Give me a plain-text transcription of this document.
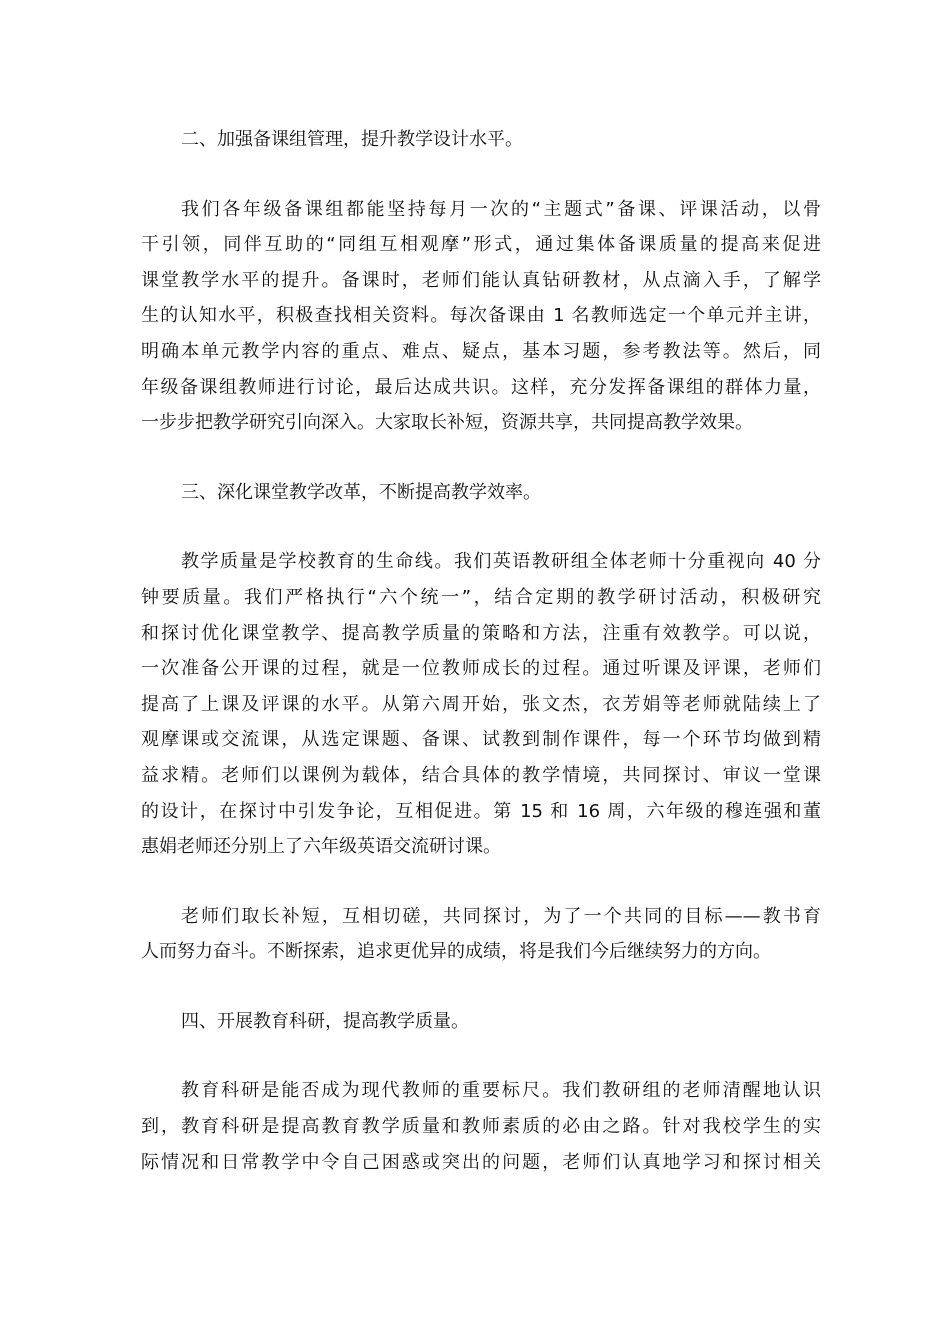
二、加强备课组管理，提升教学设计水平。
我们各年级备课组都能坚持每月一次的“主题式”备课、评课活动，以骨
干引领，同伴互助的“同组互相观摩”形式，通过集体备课质量的提高来促进
课堂教学水平的提升。备课时，老师们能认真钻研教材，从点滴入手，了解学
生的认知水平，积极查找相关资料。每次备课由 1 名教师选定一个单元并主讲，
明确本单元教学内容的重点、难点、疑点，基本习题，参考教法等。然后，同
年级备课组教师进行讨论，最后达成共识。这样，充分发挥备课组的群体力量，
一步步把教学研究引向深入。大家取长补短，资源共享，共同提高教学效果。
三、深化课堂教学改革，不断提高教学效率。
教学质量是学校教育的生命线。我们英语教研组全体老师十分重视向 40 分
钟要质量。我们严格执行“六个统一”，结合定期的教学研讨活动，积极研究
和探讨优化课堂教学、提高教学质量的策略和方法，注重有效教学。可以说，
一次准备公开课的过程，就是一位教师成长的过程。通过听课及评课，老师们
提高了上课及评课的水平。从第六周开始，张文杰，衣芳娟等老师就陆续上了
观摩课或交流课，从选定课题、备课、试教到制作课件，每一个环节均做到精
益求精。老师们以课例为载体，结合具体的教学情境，共同探讨、审议一堂课
的设计，在探讨中引发争论，互相促进。第 15 和 16 周，六年级的穆连强和董
惠娟老师还分别上了六年级英语交流研讨课。
老师们取长补短，互相切磋，共同探讨，为了一个共同的目标——教书育
人而努力奋斗。不断探索，追求更优异的成绩，将是我们今后继续努力的方向。
四、开展教育科研，提高教学质量。
教育科研是能否成为现代教师的重要标尺。我们教研组的老师清醒地认识
到，教育科研是提高教育教学质量和教师素质的必由之路。针对我校学生的实
际情况和日常教学中令自己困惑或突出的问题，老师们认真地学习和探讨相关
